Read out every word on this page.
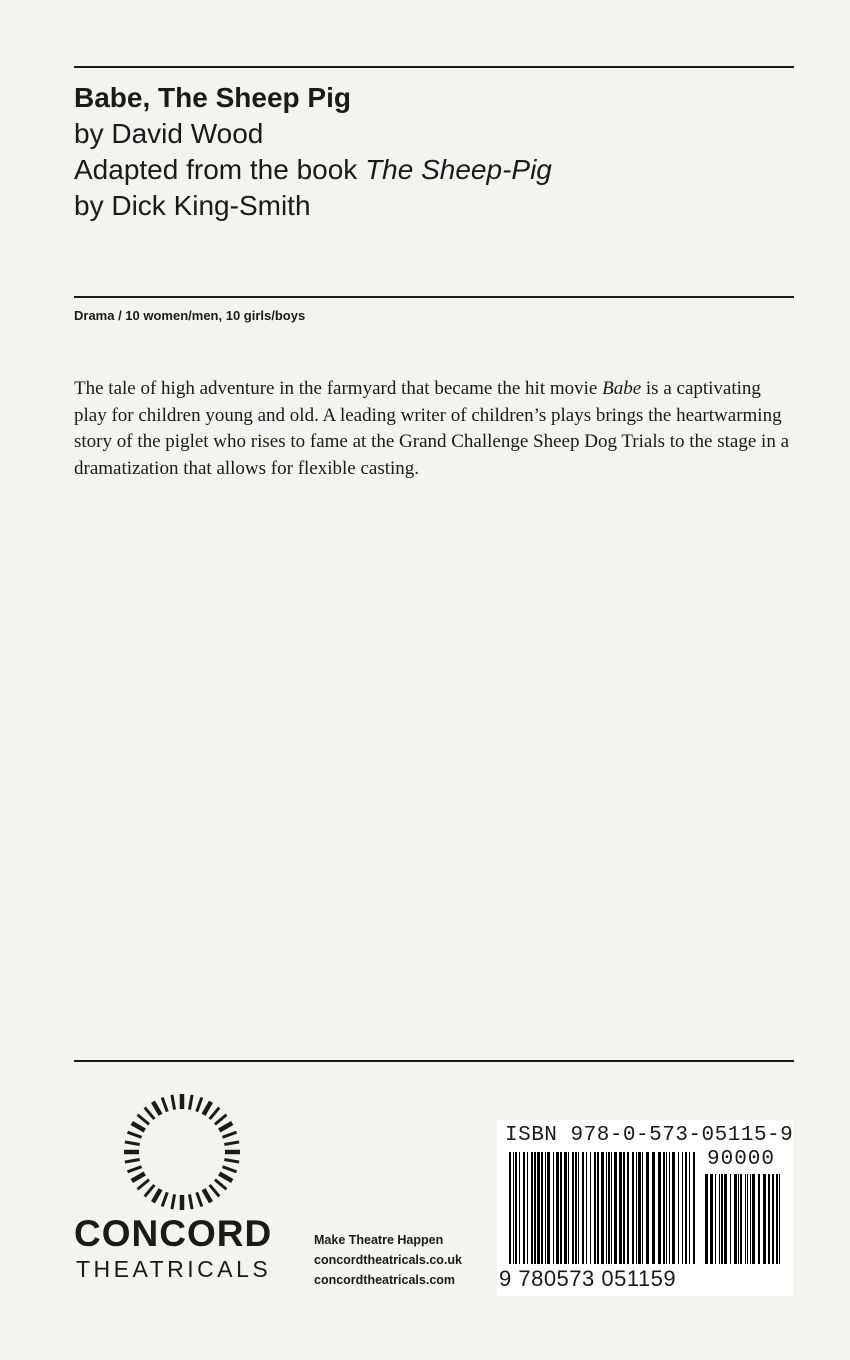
Babe, The Sheep Pig

by David Wood

Adapted from the book The Sheep-Pig

by Dick King-Smith

Drama / 10 women/men, 10 girls/boys
The tale of high adventure in the farmyard that became the hit movie Babe is a captivating play for children young and old. A leading writer of children’s plays brings the heartwarming story of the piglet who rises to fame at the Grand Challenge Sheep Dog Trials to the stage in a dramatization that allows for flexible casting.
CONCORD
THEATRICALS
Make Theatre Happen
concordtheatricals.co.uk
concordtheatricals.com
ISBN 978-0-573-05115-9
90000
9 780573 051159
